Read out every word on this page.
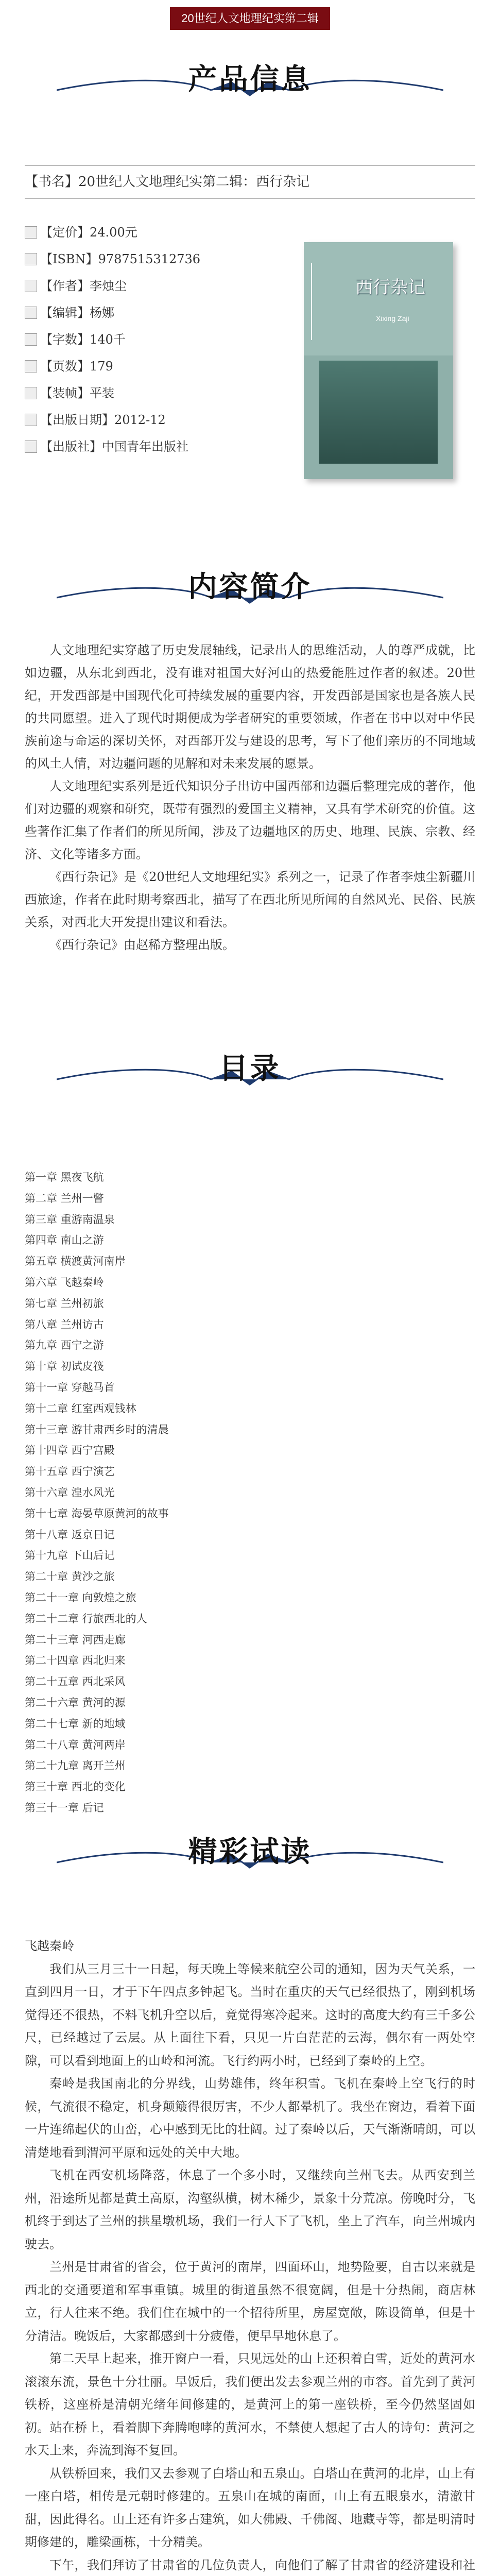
20世纪人文地理纪实第二辑
产品信息
【书名】20世纪人文地理纪实第二辑：西行杂记
【定价】 24.00元
【ISBN】 9787515312736
【作者】 李烛尘
【编辑】 杨娜
【字数】 140千
【页数】 179
【装帧】 平装
【出版日期】 2012-12
【出版社】 中国青年出版社
西行杂记
Xixing Zaji
内容简介

人文地理纪实穿越了历史发展轴线，记录出人的思维活动，人的尊严成就，比如边疆，从东北到西北，没有谁对祖国大好河山的热爱能胜过作者的叙述。20世纪，开发西部是中国现代化可持续发展的重要内容，开发西部是国家也是各族人民的共同愿望。进入了现代时期便成为学者研究的重要领域，作者在书中以对中华民族前途与命运的深切关怀，对西部开发与建设的思考，写下了他们亲历的不同地域的风土人情，对边疆问题的见解和对未来发展的愿景。

人文地理纪实系列是近代知识分子出访中国西部和边疆后整理完成的著作，他们对边疆的观察和研究，既带有强烈的爱国主义精神，又具有学术研究的价值。这些著作汇集了作者们的所见所闻，涉及了边疆地区的历史、地理、民族、宗教、经济、文化等诸多方面。

《西行杂记》是《20世纪人文地理纪实》系列之一，记录了作者李烛尘新疆川西旅途，作者在此时期考察西北，描写了在西北所见所闻的自然风光、民俗、民族关系，对西北大开发提出建议和看法。

《西行杂记》由赵稀方整理出版。

目录
第一章 黑夜飞航
第二章 兰州一瞥
第三章 重游南温泉
第四章 南山之游
第五章 横渡黄河南岸
第六章 飞越秦岭
第七章 兰州初旅
第八章 兰州访古
第九章 西宁之游
第十章 初试皮筏
第十一章 穿越马首
第十二章 红室西观钱林
第十三章 游甘肃西乡时的清晨
第十四章 西宁宫殿
第十五章 西宁演艺
第十六章 湟水风光
第十七章 海晏草原黄河的故事
第十八章 返京日记
第十九章 下山后记
第二十章 黄沙之旅
第二十一章 向敦煌之旅
第二十二章 行旅西北的人
第二十三章 河西走廊
第二十四章 西北归来
第二十五章 西北采风
第二十六章 黄河的源
第二十七章 新的地域
第二十八章 黄河两岸
第二十九章 离开兰州
第三十章 西北的变化
第三十一章 后记
精彩试读
飞越秦岭

我们从三月三十一日起，每天晚上等候来航空公司的通知，因为天气关系，一直到四月一日，才于下午四点多钟起飞。当时在重庆的天气已经很热了，刚到机场觉得还不很热，不料飞机升空以后，竟觉得寒冷起来。这时的高度大约有三千多公尺，已经越过了云层。从上面往下看，只见一片白茫茫的云海，偶尔有一两处空隙，可以看到地面上的山岭和河流。飞行约两小时，已经到了秦岭的上空。

秦岭是我国南北的分界线，山势雄伟，终年积雪。飞机在秦岭上空飞行的时候，气流很不稳定，机身颠簸得很厉害，不少人都晕机了。我坐在窗边，看着下面一片连绵起伏的山峦，心中感到无比的壮阔。过了秦岭以后，天气渐渐晴朗，可以清楚地看到渭河平原和远处的关中大地。

飞机在西安机场降落，休息了一个多小时，又继续向兰州飞去。从西安到兰州，沿途所见都是黄土高原，沟壑纵横，树木稀少，景象十分荒凉。傍晚时分，飞机终于到达了兰州的拱星墩机场，我们一行人下了飞机，坐上了汽车，向兰州城内驶去。

兰州是甘肃省的省会，位于黄河的南岸，四面环山，地势险要，自古以来就是西北的交通要道和军事重镇。城里的街道虽然不很宽阔，但是十分热闹，商店林立，行人往来不绝。我们住在城中的一个招待所里，房屋宽敞，陈设简单，但是十分清洁。晚饭后，大家都感到十分疲倦，便早早地休息了。

第二天早上起来，推开窗户一看，只见远处的山上还积着白雪，近处的黄河水滚滚东流，景色十分壮丽。早饭后，我们便出发去参观兰州的市容。首先到了黄河铁桥，这座桥是清朝光绪年间修建的，是黄河上的第一座铁桥，至今仍然坚固如初。站在桥上，看着脚下奔腾咆哮的黄河水，不禁使人想起了古人的诗句：黄河之水天上来，奔流到海不复回。

从铁桥回来，我们又去参观了白塔山和五泉山。白塔山在黄河的北岸，山上有一座白塔，相传是元朝时修建的。五泉山在城的南面，山上有五眼泉水，清澈甘甜，因此得名。山上还有许多古建筑，如大佛殿、千佛阁、地藏寺等，都是明清时期修建的，雕梁画栋，十分精美。

下午，我们拜访了甘肃省的几位负责人，向他们了解了甘肃省的经济建设和社
